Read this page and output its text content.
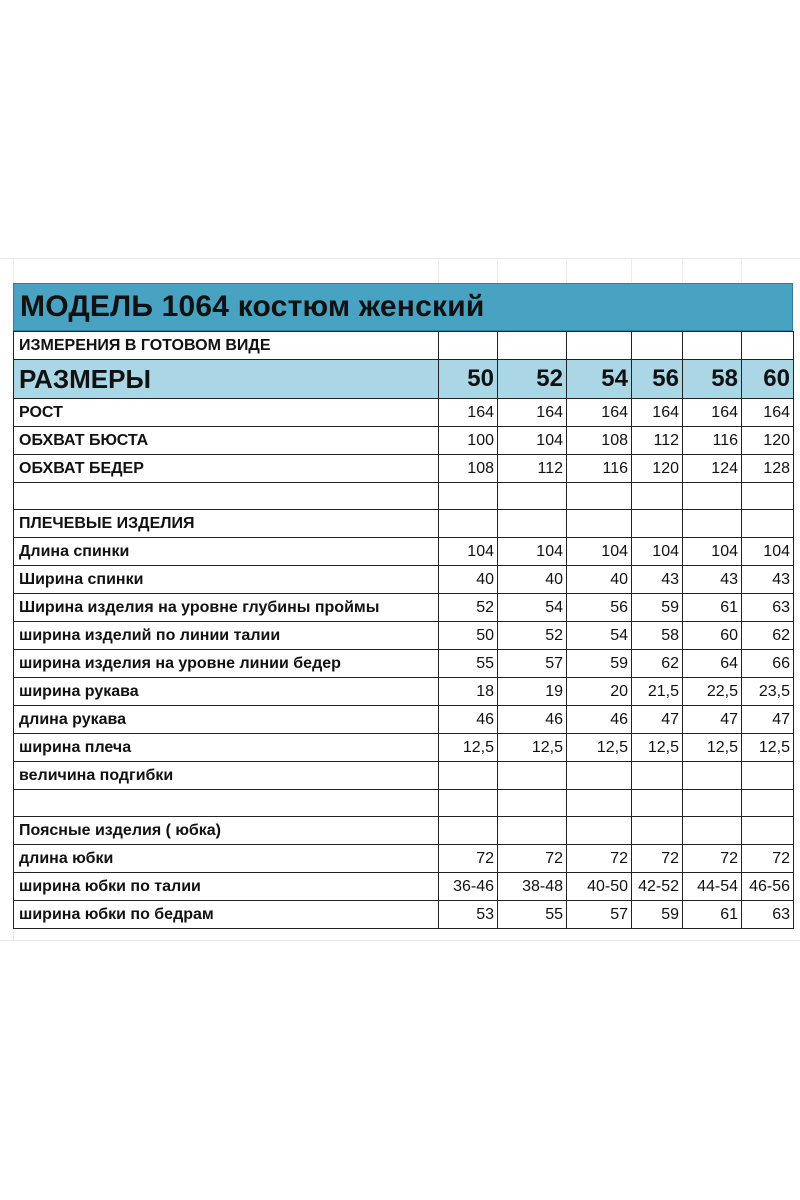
МОДЕЛЬ 1064 костюм женский
ИЗМЕРЕНИЯ В ГОТОВОМ ВИДЕ						
РАЗМЕРЫ	50	52	54	56	58	60
РОСТ	164	164	164	164	164	164
ОБХВАТ БЮСТА	100	104	108	112	116	120
ОБХВАТ БЕДЕР	108	112	116	120	124	128

ПЛЕЧЕВЫЕ ИЗДЕЛИЯ						
Длина спинки	104	104	104	104	104	104
Ширина спинки	40	40	40	43	43	43
Ширина изделия на уровне глубины проймы	52	54	56	59	61	63
ширина изделий по линии талии	50	52	54	58	60	62
ширина изделия на уровне линии бедер	55	57	59	62	64	66
ширина рукава	18	19	20	21,5	22,5	23,5
длина рукава	46	46	46	47	47	47
ширина плеча	12,5	12,5	12,5	12,5	12,5	12,5
величина подгибки						

Поясные изделия ( юбка)						
длина юбки	72	72	72	72	72	72
ширина юбки по талии	36-46	38-48	40-50	42-52	44-54	46-56
ширина юбки по бедрам	53	55	57	59	61	63
